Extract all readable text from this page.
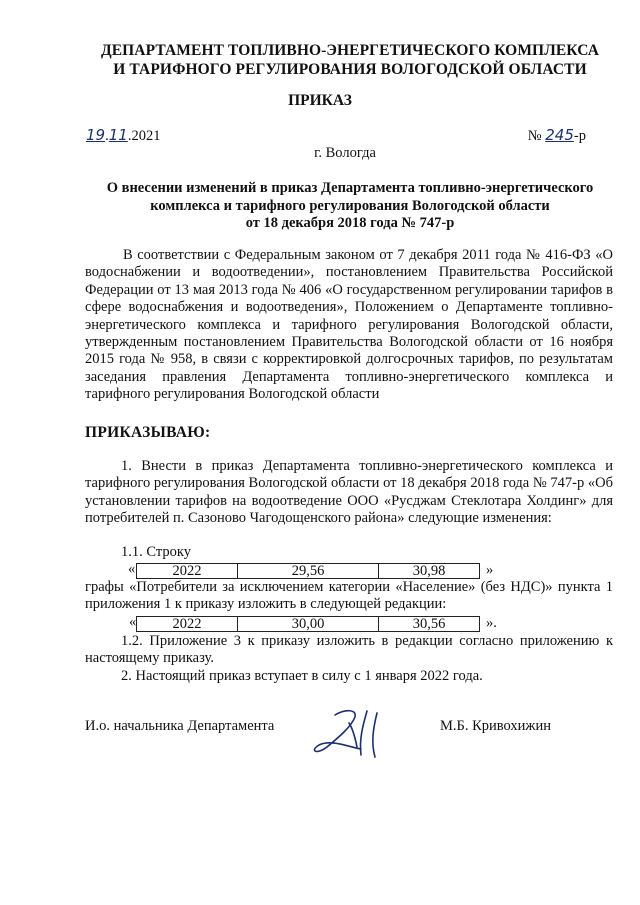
ДЕПАРТАМЕНТ ТОПЛИВНО-ЭНЕРГЕТИЧЕСКОГО КОМПЛЕКСА
И ТАРИФНОГО РЕГУЛИРОВАНИЯ ВОЛОГОДСКОЙ ОБЛАСТИ
ПРИКАЗ
19.11.2021	№ 245-р
г. Вологда
О внесении изменений в приказ Департамента топливно-энергетического
комплекса и тарифного регулирования Вологодской области
от 18 декабря 2018 года № 747-р
В соответствии с Федеральным законом от 7 декабря 2011 года № 416-ФЗ «О водоснабжении и водоотведении», постановлением Правительства Российской Федерации от 13 мая 2013 года № 406 «О государственном регулировании тарифов в сфере водоснабжения и водоотведения», Положением о Департаменте топливно-энергетического комплекса и тарифного регулирования Вологодской области, утвержденным постановлением Правительства Вологодской области от 16 ноября 2015 года № 958, в связи с корректировкой долгосрочных тарифов, по результатам заседания правления Департамента топливно-энергетического комплекса и тарифного регулирования Вологодской области
ПРИКАЗЫВАЮ:
1. Внести в приказ Департамента топливно-энергетического комплекса и тарифного регулирования Вологодской области от 18 декабря 2018 года № 747-р «Об установлении тарифов на водоотведение ООО «Русджам Стеклотара Холдинг» для потребителей п. Сазоново Чагодощенского района» следующие изменения:
1.1. Строку
«	2022	29,56	30,98	»
графы «Потребители за исключением категории «Население» (без НДС)» пункта 1 приложения 1 к приказу изложить в следующей редакции:
«	2022	30,00	30,56	».
1.2. Приложение 3 к приказу изложить в редакции согласно приложению к настоящему приказу.
2. Настоящий приказ вступает в силу с 1 января 2022 года.
И.о. начальника Департамента	М.Б. Кривохижин
